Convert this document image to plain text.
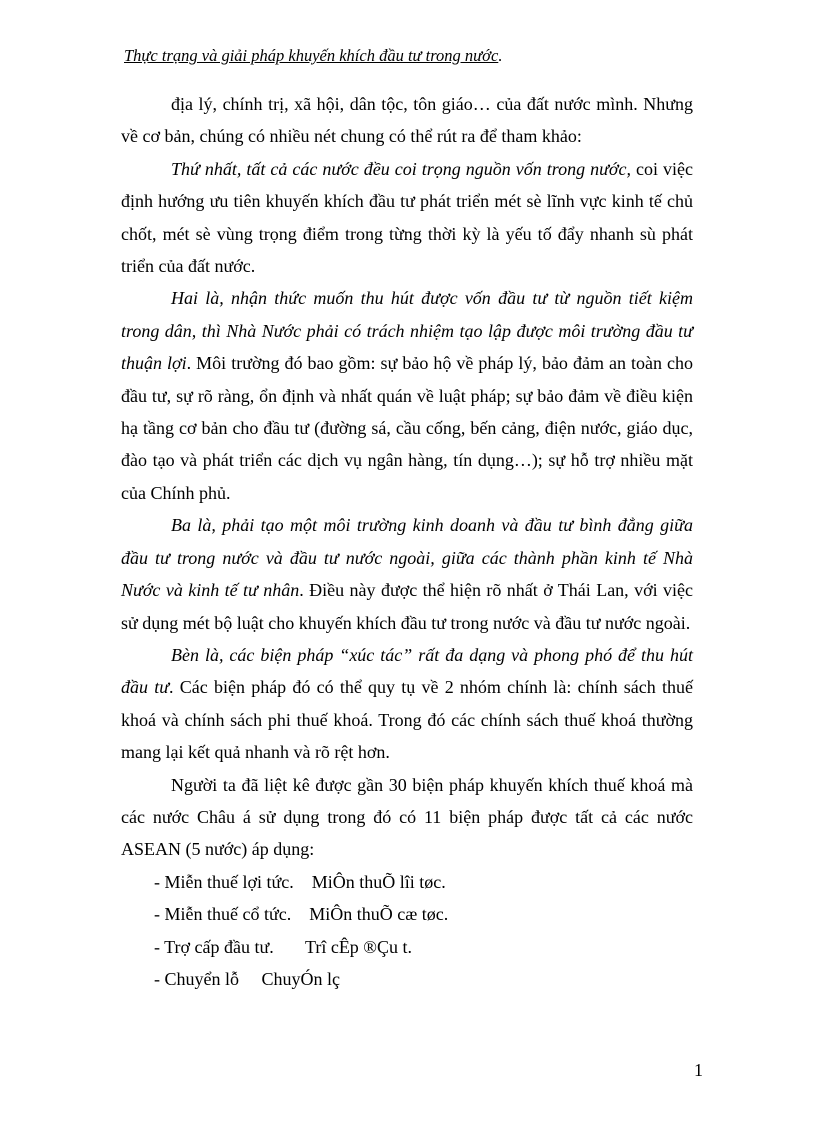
Thực trạng và giải pháp khuyến khích đầu tư trong nước.

địa lý, chính trị, xã hội, dân tộc, tôn giáo… của đất nước mình. Nhưng về cơ bản, chúng có nhiều nét chung có thể rút ra để tham khảo:

Thứ nhất, tất cả các nước đều coi trọng nguồn vốn trong nước, coi việc định hướng ưu tiên khuyến khích đầu tư phát triển mét sè lĩnh vực kinh tế chủ chốt, mét sè vùng trọng điểm trong từng thời kỳ là yếu tố đẩy nhanh sù phát triển của đất nước.

Hai là, nhận thức muốn thu hút được vốn đầu tư từ nguồn tiết kiệm trong dân, thì Nhà Nước phải có trách nhiệm tạo lập được môi trường đầu tư thuận lợi. Môi trường đó bao gồm: sự bảo hộ về pháp lý, bảo đảm an toàn cho đầu tư, sự rõ ràng, ổn định và nhất quán về luật pháp; sự bảo đảm về điều kiện hạ tầng cơ bản cho đầu tư (đường sá, cầu cống, bến cảng, điện nước, giáo dục, đào tạo và phát triển các dịch vụ ngân hàng, tín dụng…); sự hỗ trợ nhiều mặt của Chính phủ.

Ba là, phải tạo một môi trường kinh doanh và đầu tư bình đẳng giữa đầu tư trong nước và đầu tư nước ngoài, giữa các thành phần kinh tế Nhà Nước và kinh tế tư nhân. Điều này được thể hiện rõ nhất ở Thái Lan, với việc sử dụng mét bộ luật cho khuyến khích đầu tư trong nước và đầu tư nước ngoài.

Bèn là, các biện pháp “xúc tác” rất đa dạng và phong phó để thu hút đầu tư. Các biện pháp đó có thể quy tụ về 2 nhóm chính là: chính sách thuế khoá và chính sách phi thuế khoá. Trong đó các chính sách thuế khoá thường mang lại kết quả nhanh và rõ rệt hơn.

Người ta đã liệt kê được gần 30 biện pháp khuyến khích thuế khoá mà các nước Châu á sử dụng trong đó có 11 biện pháp được tất cả các nước ASEAN (5 nước) áp dụng:

- Miễn thuế lợi tức. MiÔn thuÕ lîi tøc.
- Miễn thuế cổ tức. MiÔn thuÕ cæ tøc.
- Trợ cấp đầu tư. Trî cÊp ®Çu t.
- Chuyển lỗ ChuyÓn lç
1
